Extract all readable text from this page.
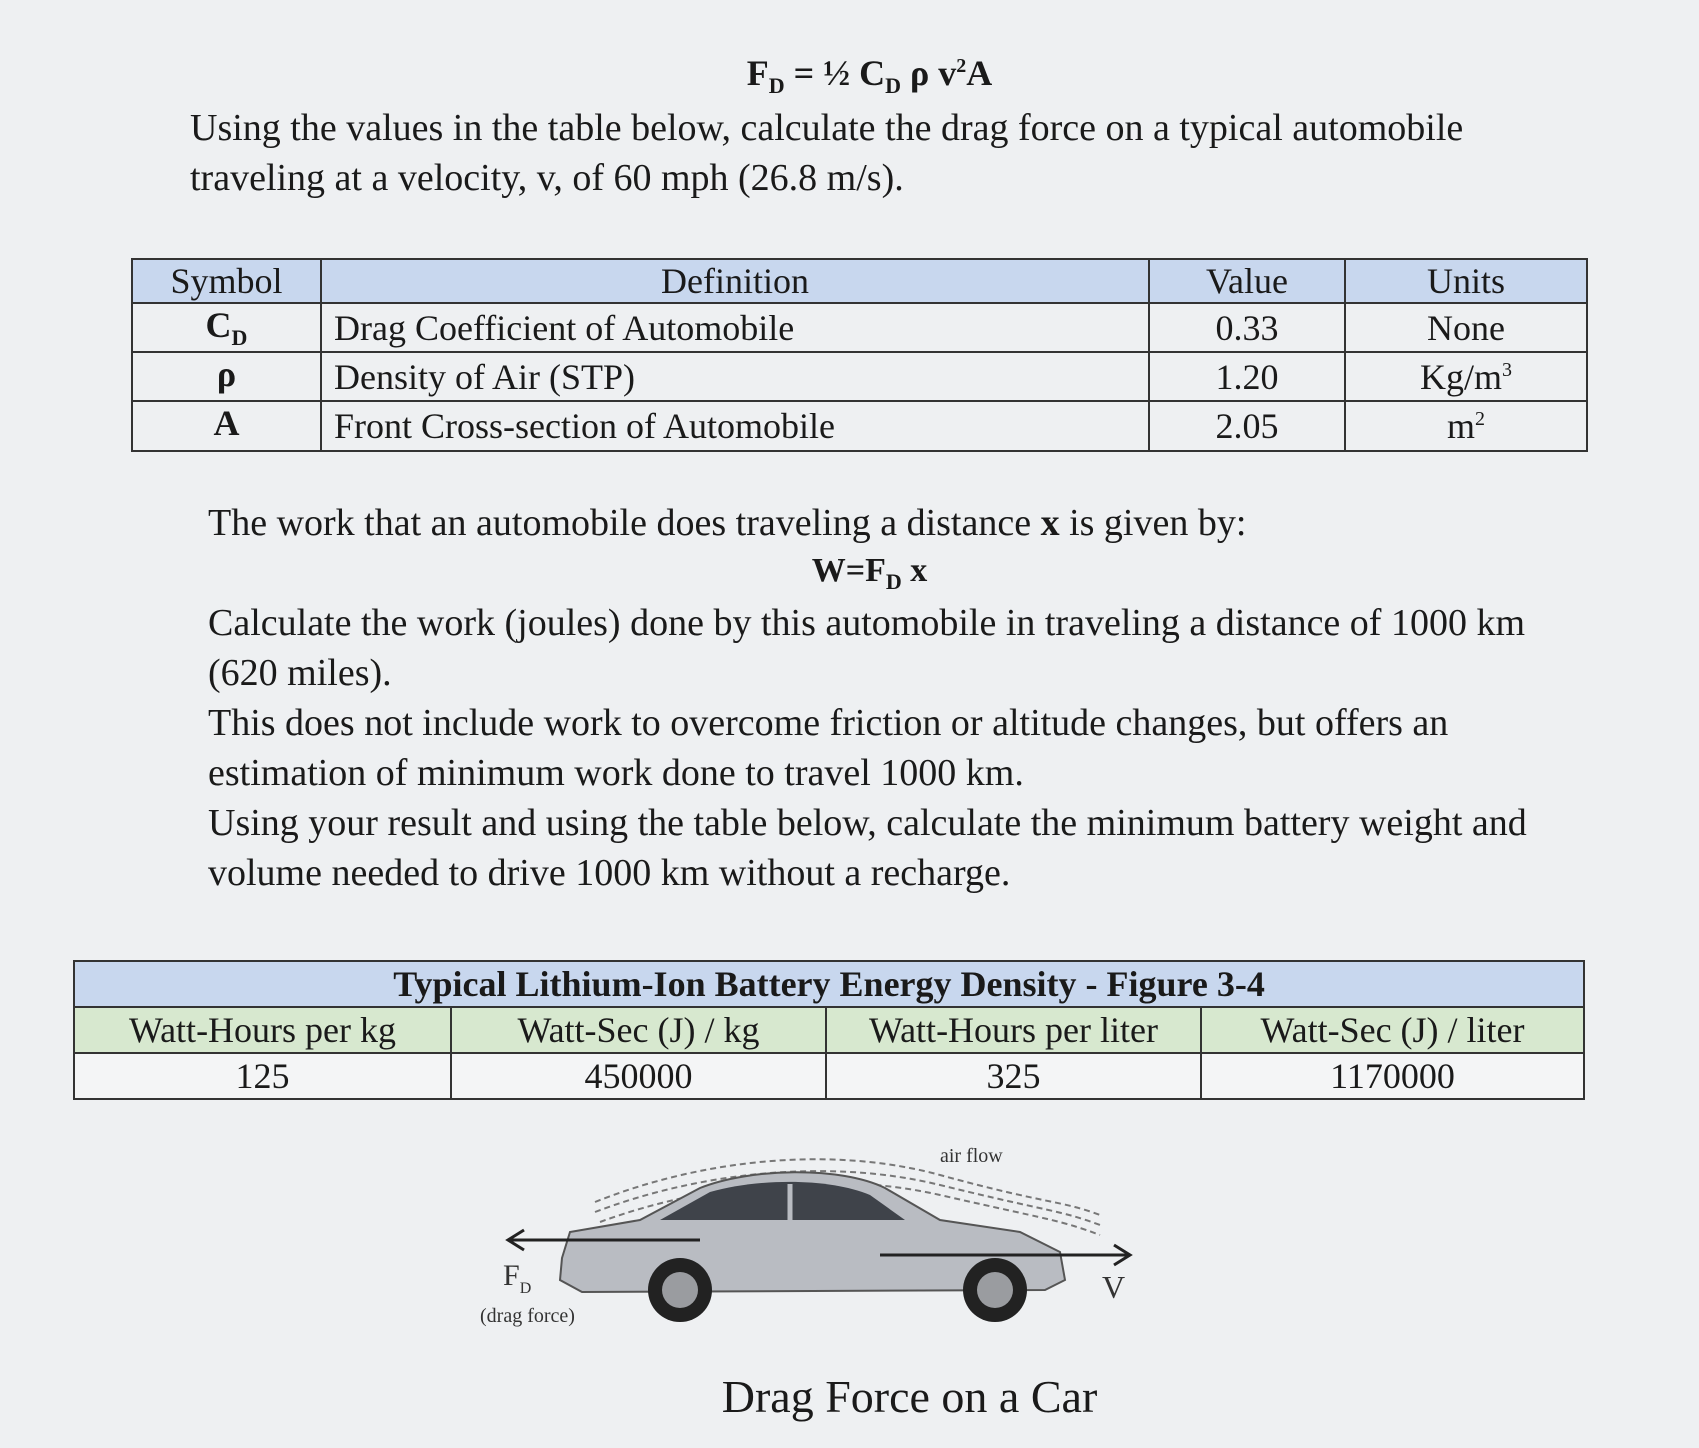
$F_D$ = ½ $C_D$ ρ $v^2A$

Using the values in the table below, calculate the drag force on a typical automobile traveling at a velocity, v, of 60 mph (26.8 m/s).

Symbol	Definition	Value	Units
$C_D$	Drag Coefficient of Automobile	0.33	None
ρ	Density of Air (STP)	1.20	$Kg/m^3$
A	Front Cross-section of Automobile	2.05	$m^2$

The work that an automobile does traveling a distance x is given by:

$W=F_D$ x

Calculate the work (joules) done by this automobile in traveling a distance of 1000 km (620 miles).

This does not include work to overcome friction or altitude changes, but offers an estimation of minimum work done to travel 1000 km.

Using your result and using the table below, calculate the minimum battery weight and volume needed to drive 1000 km without a recharge.

Typical Lithium-Ion Battery Energy Density - Figure 3-4			
Watt-Hours per kg	Watt-Sec (J) / kg	Watt-Hours per liter	Watt-Sec (J) / liter
125	450000	325	1170000
air flow
$F_D$
(drag force)
V
Drag Force on a Car
